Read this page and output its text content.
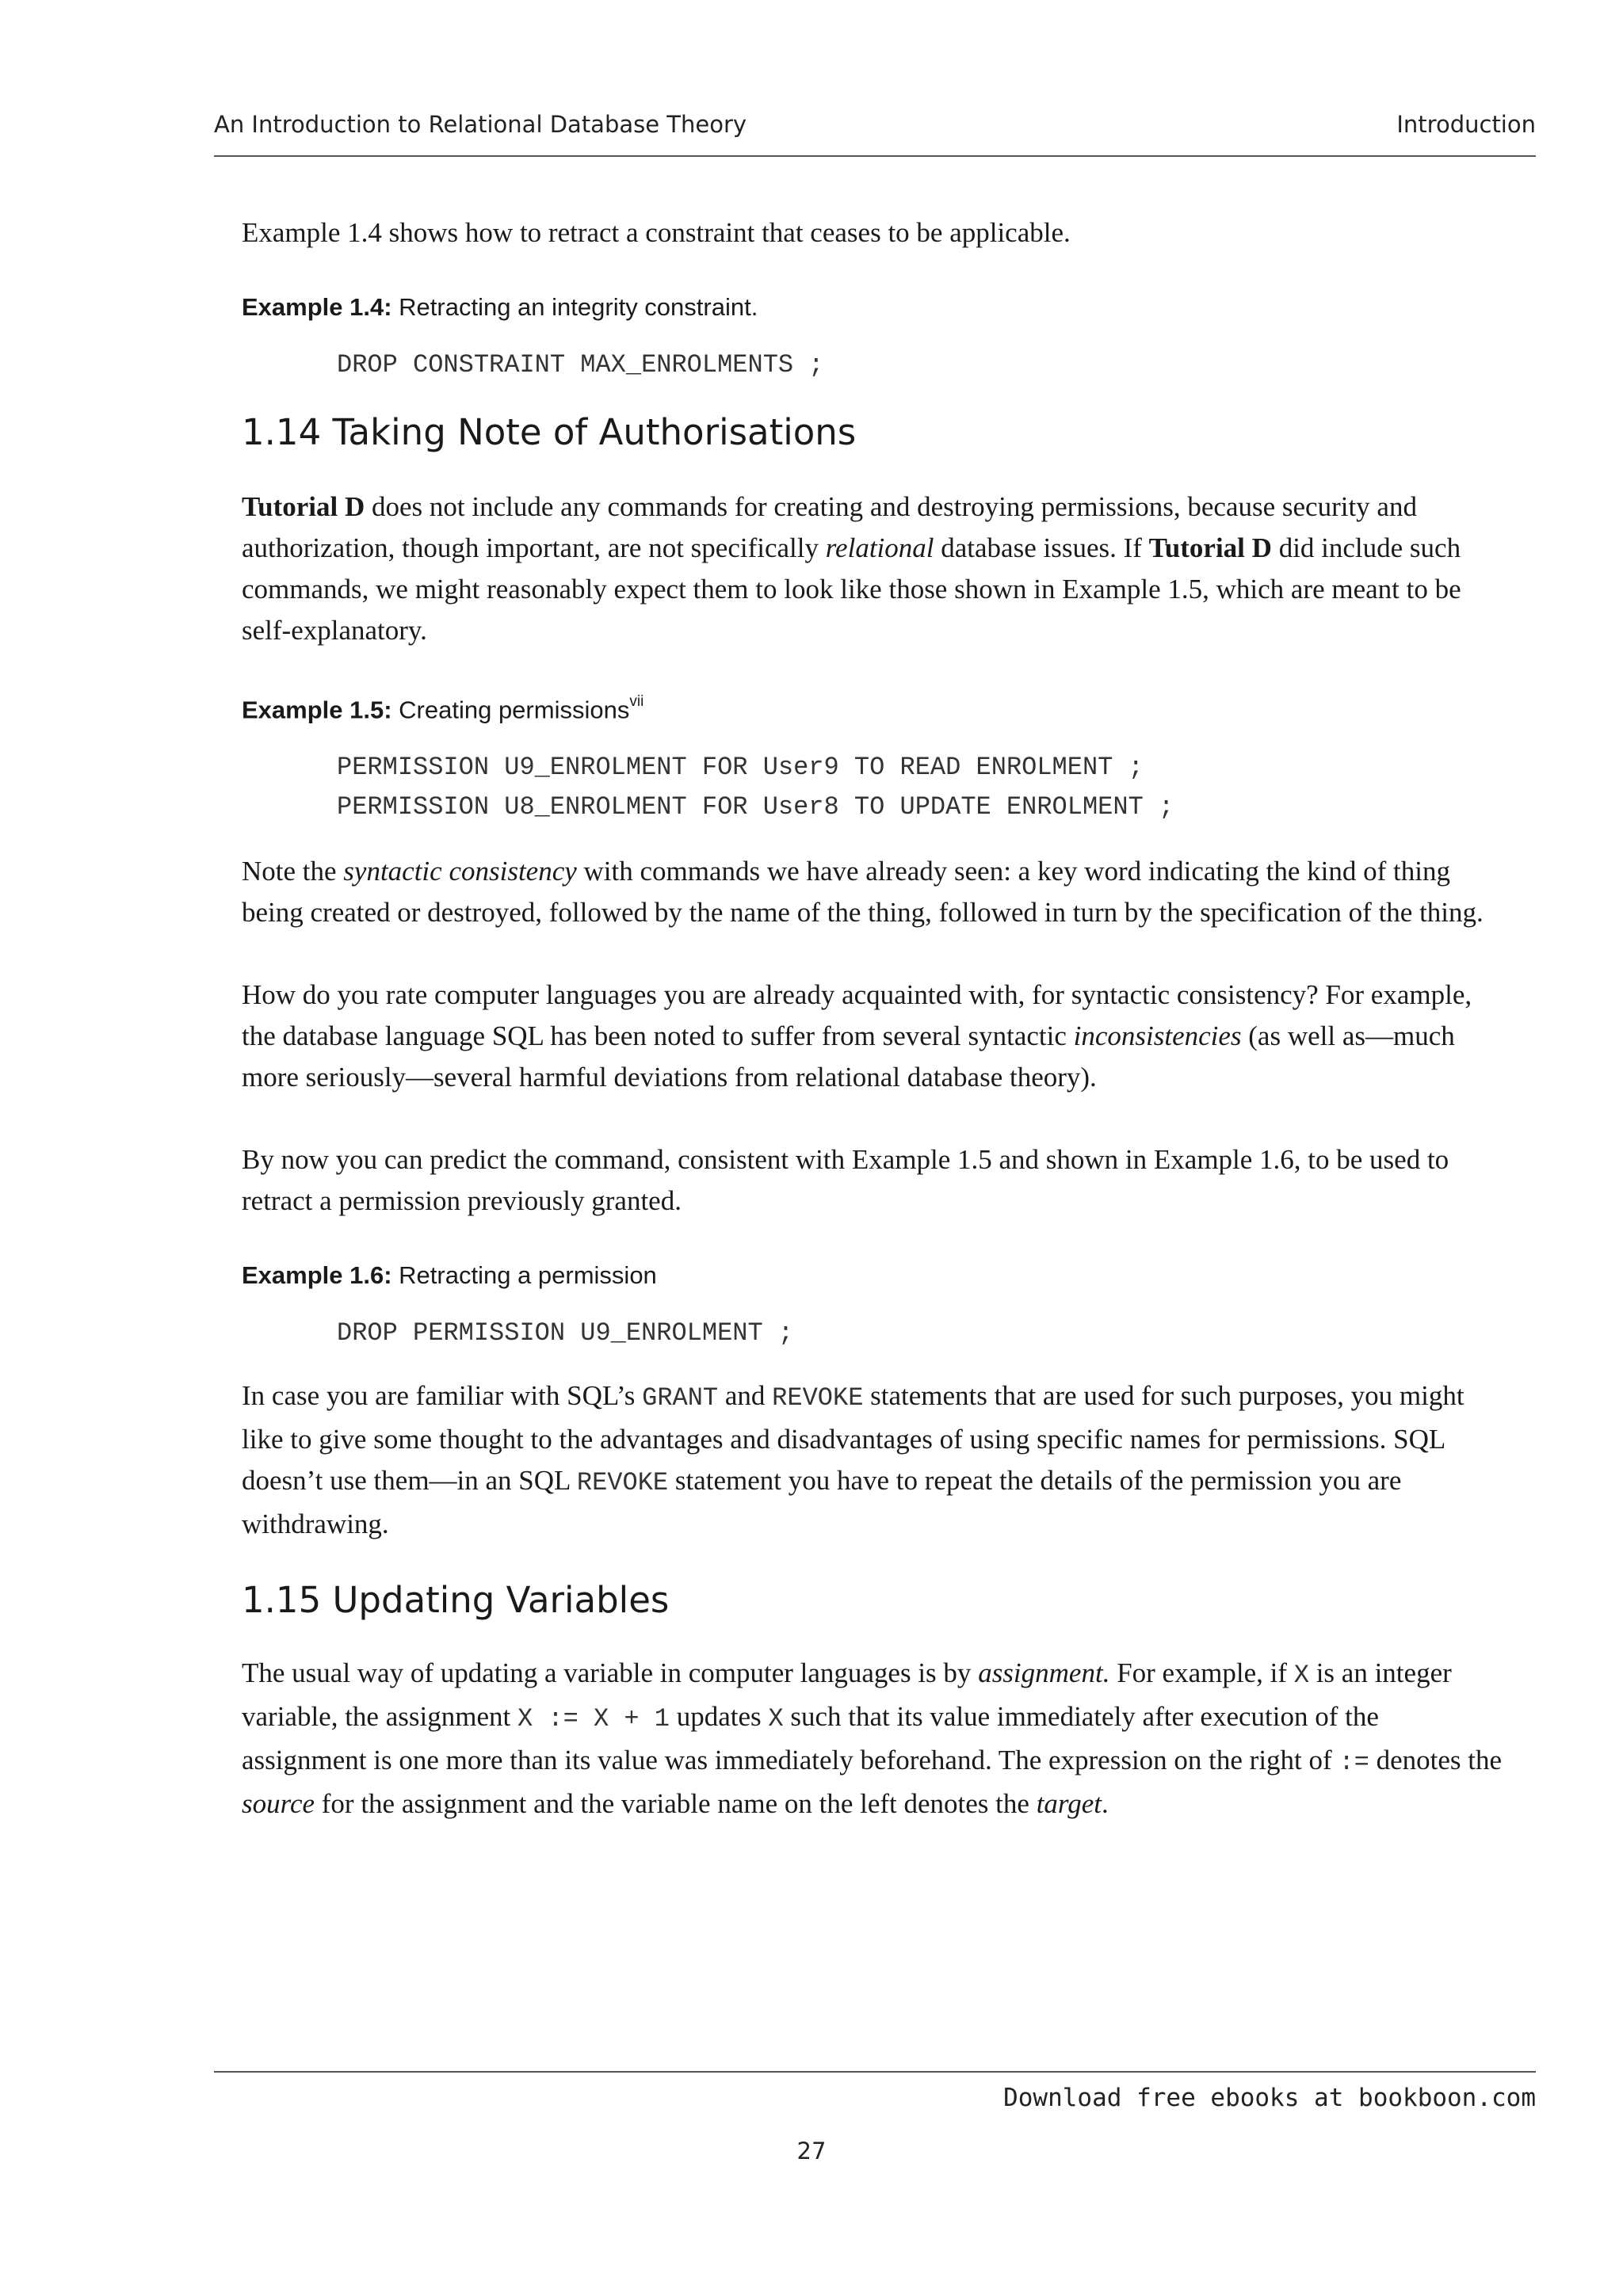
An Introduction to Relational Database Theory	Introduction

Example 1.4 shows how to retract a constraint that ceases to be applicable.

Example 1.4: Retracting an integrity constraint.

DROP CONSTRAINT MAX_ENROLMENTS ;

1.14 Taking Note of Authorisations

Tutorial D does not include any commands for creating and destroying permissions, because security and authorization, though important, are not specifically relational database issues. If Tutorial D did include such commands, we might reasonably expect them to look like those shown in Example 1.5, which are meant to be self-explanatory.

Example 1.5: Creating permissions$^{vii}$

PERMISSION U9_ENROLMENT FOR User9 TO READ ENROLMENT ;

PERMISSION U8_ENROLMENT FOR User8 TO UPDATE ENROLMENT ;

Note the syntactic consistency with commands we have already seen: a key word indicating the kind of thing being created or destroyed, followed by the name of the thing, followed in turn by the specification of the thing.

How do you rate computer languages you are already acquainted with, for syntactic consistency? For example, the database language SQL has been noted to suffer from several syntactic inconsistencies (as well as—much more seriously—several harmful deviations from relational database theory).

By now you can predict the command, consistent with Example 1.5 and shown in Example 1.6, to be used to retract a permission previously granted.

Example 1.6: Retracting a permission

DROP PERMISSION U9_ENROLMENT ;

In case you are familiar with SQL’s GRANT and REVOKE statements that are used for such purposes, you might like to give some thought to the advantages and disadvantages of using specific names for permissions. SQL doesn’t use them—in an SQL REVOKE statement you have to repeat the details of the permission you are withdrawing.

1.15 Updating Variables

The usual way of updating a variable in computer languages is by assignment. For example, if X is an integer variable, the assignment X := X + 1 updates X such that its value immediately after execution of the assignment is one more than its value was immediately beforehand. The expression on the right of := denotes the source for the assignment and the variable name on the left denotes the target.

Download free ebooks at bookboon.com
27
